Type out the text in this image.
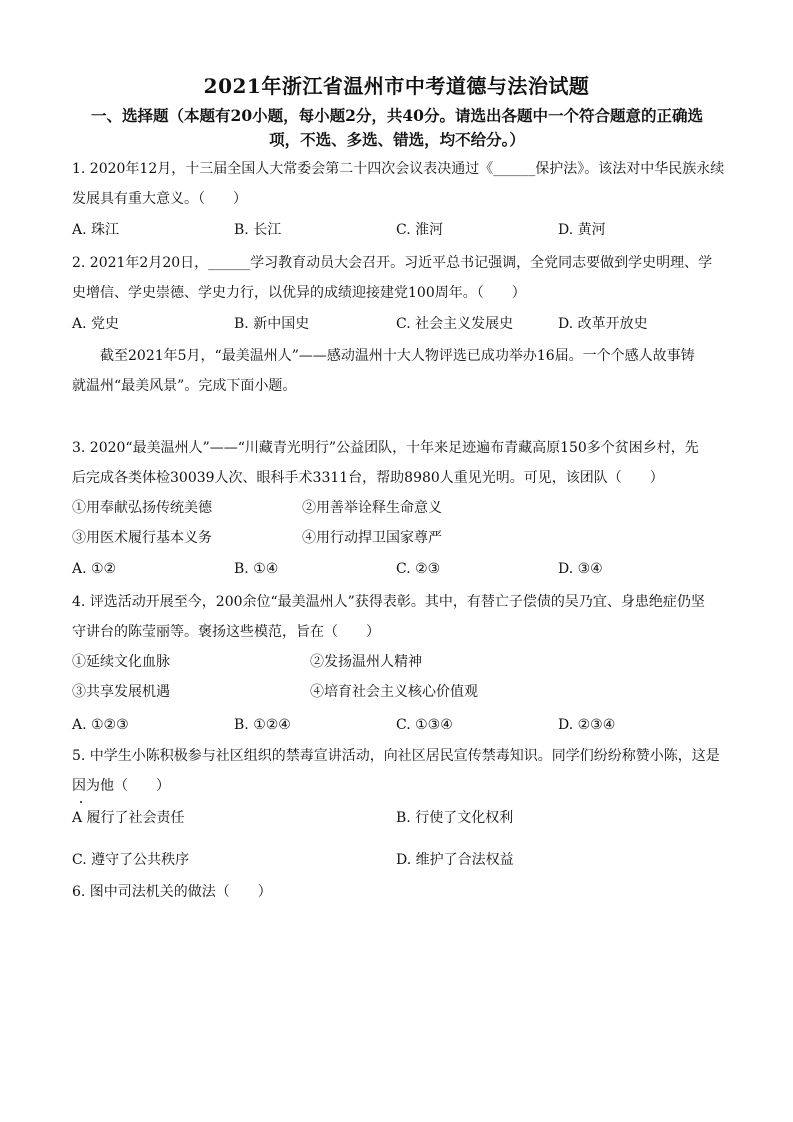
2021年浙江省温州市中考道德与法治试题
一、选择题（本题有20小题，每小题2分，共40分。请选出各题中一个符合题意的正确选
项，不选、多选、错选，均不给分。）
1. 2020年12月，十三届全国人大常委会第二十四次会议表决通过《______保护法》。该法对中华民族永续
发展具有重大意义。（　　）
A. 珠江	B. 长江	C. 淮河	D. 黄河
2. 2021年2月20日，______学习教育动员大会召开。习近平总书记强调，全党同志要做到学史明理、学
史增信、学史崇德、学史力行，以优异的成绩迎接建党100周年。（　　）
A. 党史	B. 新中国史	C. 社会主义发展史	D. 改革开放史
截至2021年5月，“最美温州人”——感动温州十大人物评选已成功举办16届。一个个感人故事铸
就温州“最美风景”。完成下面小题。
3. 2020“最美温州人”——“川藏青光明行”公益团队，十年来足迹遍布青藏高原150多个贫困乡村，先
后完成各类体检30039人次、眼科手术3311台，帮助8980人重见光明。可见，该团队（　　）
①用奉献弘扬传统美德	②用善举诠释生命意义
③用医术履行基本义务	④用行动捍卫国家尊严
A. ①②	B. ①④	C. ②③	D. ③④
4. 评选活动开展至今，200余位“最美温州人”获得表彰。其中，有替亡子偿债的吴乃宜、身患绝症仍坚
守讲台的陈莹丽等。褒扬这些模范，旨在（　　）
①延续文化血脉	②发扬温州人精神
③共享发展机遇	④培育社会主义核心价值观
A. ①②③	B. ①②④	C. ①③④	D. ②③④
5. 中学生小陈积极参与社区组织的禁毒宣讲活动，向社区居民宣传禁毒知识。同学们纷纷称赞小陈，这是
因为他（　　）
A 履行了社会责任	B. 行使了文化权利
C. 遵守了公共秩序	D. 维护了合法权益
6. 图中司法机关的做法（　　）
